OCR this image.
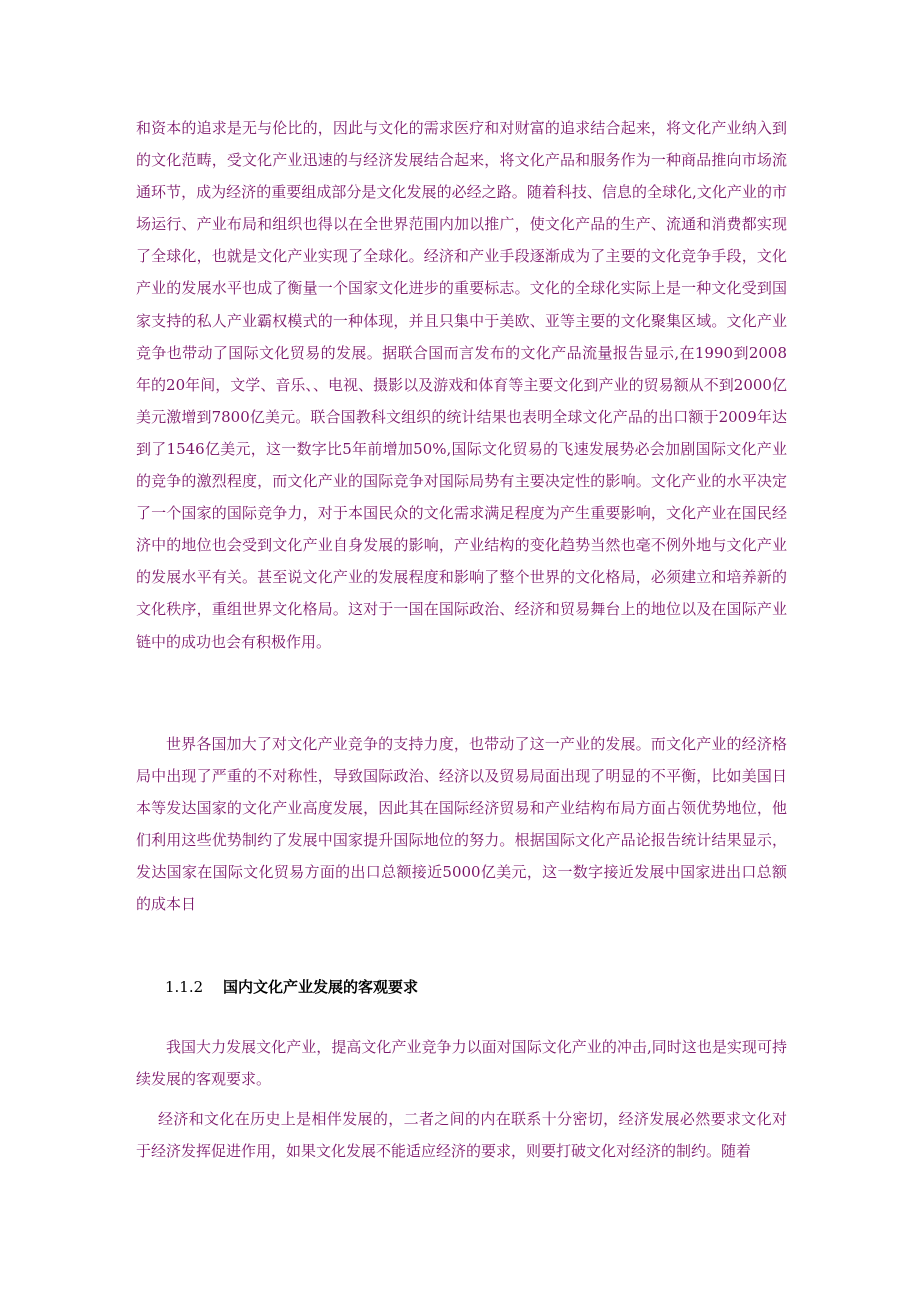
和资本的追求是无与伦比的，因此与文化的需求医疗和对财富的追求结合起来，将文化产业纳入到的文化范畴，受文化产业迅速的与经济发展结合起来，将文化产品和服务作为一种商品推向市场流通环节，成为经济的重要组成部分是文化发展的必经之路。随着科技、信息的全球化,文化产业的市场运行、产业布局和组织也得以在全世界范围内加以推广，使文化产品的生产、流通和消费都实现了全球化，也就是文化产业实现了全球化。经济和产业手段逐渐成为了主要的文化竞争手段，文化产业的发展水平也成了衡量一个国家文化进步的重要标志。文化的全球化实际上是一种文化受到国家支持的私人产业霸权模式的一种体现，并且只集中于美欧、亚等主要的文化聚集区域。文化产业竞争也带动了国际文化贸易的发展。据联合国而言发布的文化产品流量报告显示,在1990到2008年的20年间，文学、音乐、、电视、摄影以及游戏和体育等主要文化到产业的贸易额从不到2000亿美元激增到7800亿美元。联合国教科文组织的统计结果也表明全球文化产品的出口额于2009年达到了1546亿美元，这一数字比5年前增加50%,国际文化贸易的飞速发展势必会加剧国际文化产业的竞争的激烈程度，而文化产业的国际竞争对国际局势有主要决定性的影响。文化产业的水平决定了一个国家的国际竞争力，对于本国民众的文化需求满足程度为产生重要影响，文化产业在国民经济中的地位也会受到文化产业自身发展的影响，产业结构的变化趋势当然也毫不例外地与文化产业的发展水平有关。甚至说文化产业的发展程度和影响了整个世界的文化格局，必须建立和培养新的文化秩序，重组世界文化格局。这对于一国在国际政治、经济和贸易舞台上的地位以及在国际产业链中的成功也会有积极作用。

世界各国加大了对文化产业竞争的支持力度，也带动了这一产业的发展。而文化产业的经济格局中出现了严重的不对称性，导致国际政治、经济以及贸易局面出现了明显的不平衡，比如美国日本等发达国家的文化产业高度发展，因此其在国际经济贸易和产业结构布局方面占领优势地位，他们利用这些优势制约了发展中国家提升国际地位的努力。根据国际文化产品论报告统计结果显示，发达国家在国际文化贸易方面的出口总额接近5000亿美元，这一数字接近发展中国家进出口总额的成本日

1.1.2 国内文化产业发展的客观要求

我国大力发展文化产业，提高文化产业竞争力以面对国际文化产业的冲击,同时这也是实现可持续发展的客观要求。

经济和文化在历史上是相伴发展的，二者之间的内在联系十分密切，经济发展必然要求文化对于经济发挥促进作用，如果文化发展不能适应经济的要求，则要打破文化对经济的制约。随着
